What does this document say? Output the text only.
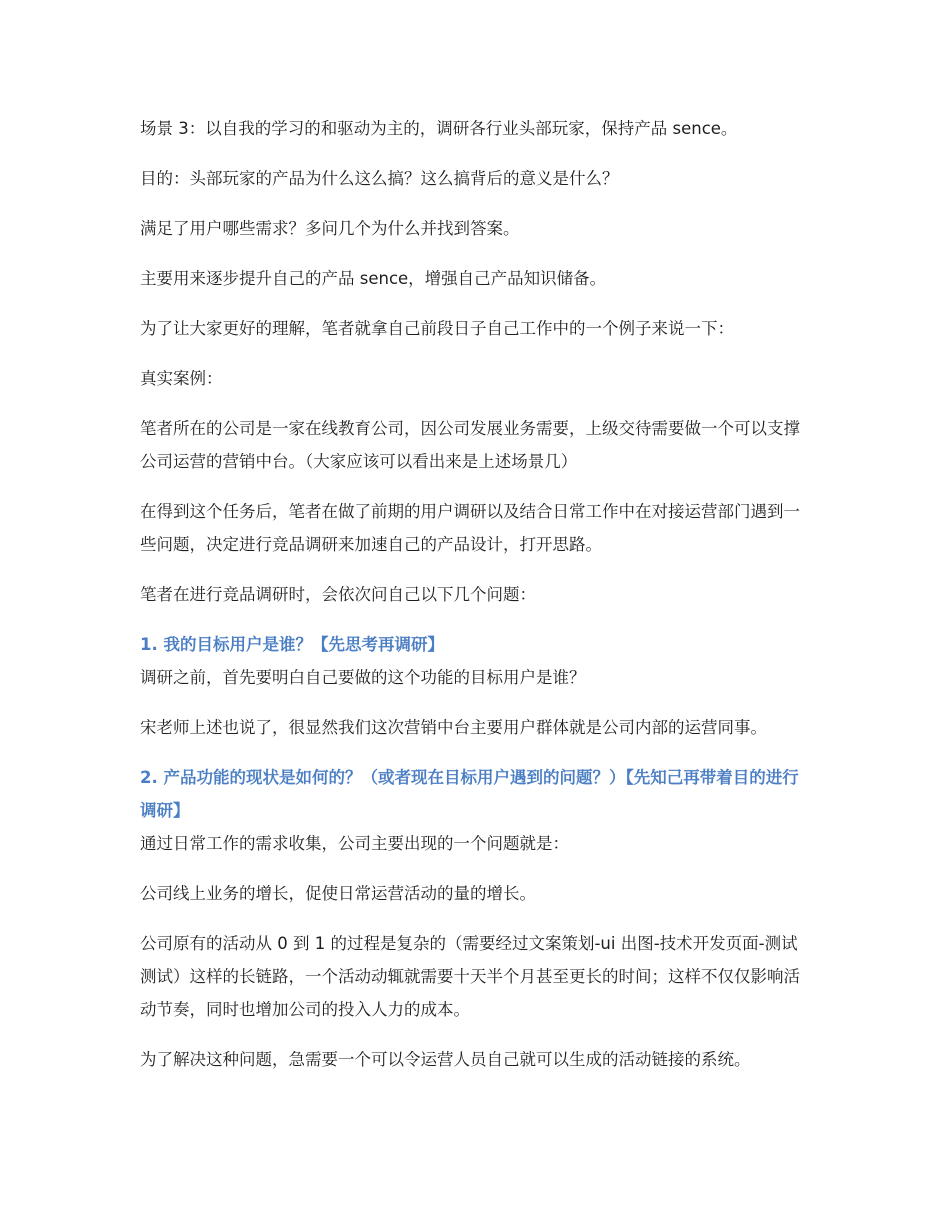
场景 3：以自我的学习的和驱动为主的，调研各行业头部玩家，保持产品 sence。

目的：头部玩家的产品为什么这么搞？这么搞背后的意义是什么？

满足了用户哪些需求？多问几个为什么并找到答案。

主要用来逐步提升自己的产品 sence，增强自己产品知识储备。

为了让大家更好的理解，笔者就拿自己前段日子自己工作中的一个例子来说一下：

真实案例：

笔者所在的公司是一家在线教育公司，因公司发展业务需要，上级交待需要做一个可以支撑公司运营的营销中台。（大家应该可以看出来是上述场景几）

在得到这个任务后，笔者在做了前期的用户调研以及结合日常工作中在对接运营部门遇到一些问题，决定进行竞品调研来加速自己的产品设计，打开思路。

笔者在进行竞品调研时，会依次问自己以下几个问题：

1. 我的目标用户是谁？【先思考再调研】

调研之前，首先要明白自己要做的这个功能的目标用户是谁？

宋老师上述也说了，很显然我们这次营销中台主要用户群体就是公司内部的运营同事。

2. 产品功能的现状是如何的？（或者现在目标用户遇到的问题？）【先知己再带着目的进行调研】

通过日常工作的需求收集，公司主要出现的一个问题就是：

公司线上业务的增长，促使日常运营活动的量的增长。

公司原有的活动从 0 到 1 的过程是复杂的（需要经过文案策划-ui 出图-技术开发页面-测试测试）这样的长链路，一个活动动辄就需要十天半个月甚至更长的时间；这样不仅仅影响活动节奏，同时也增加公司的投入人力的成本。

为了解决这种问题，急需要一个可以令运营人员自己就可以生成的活动链接的系统。
